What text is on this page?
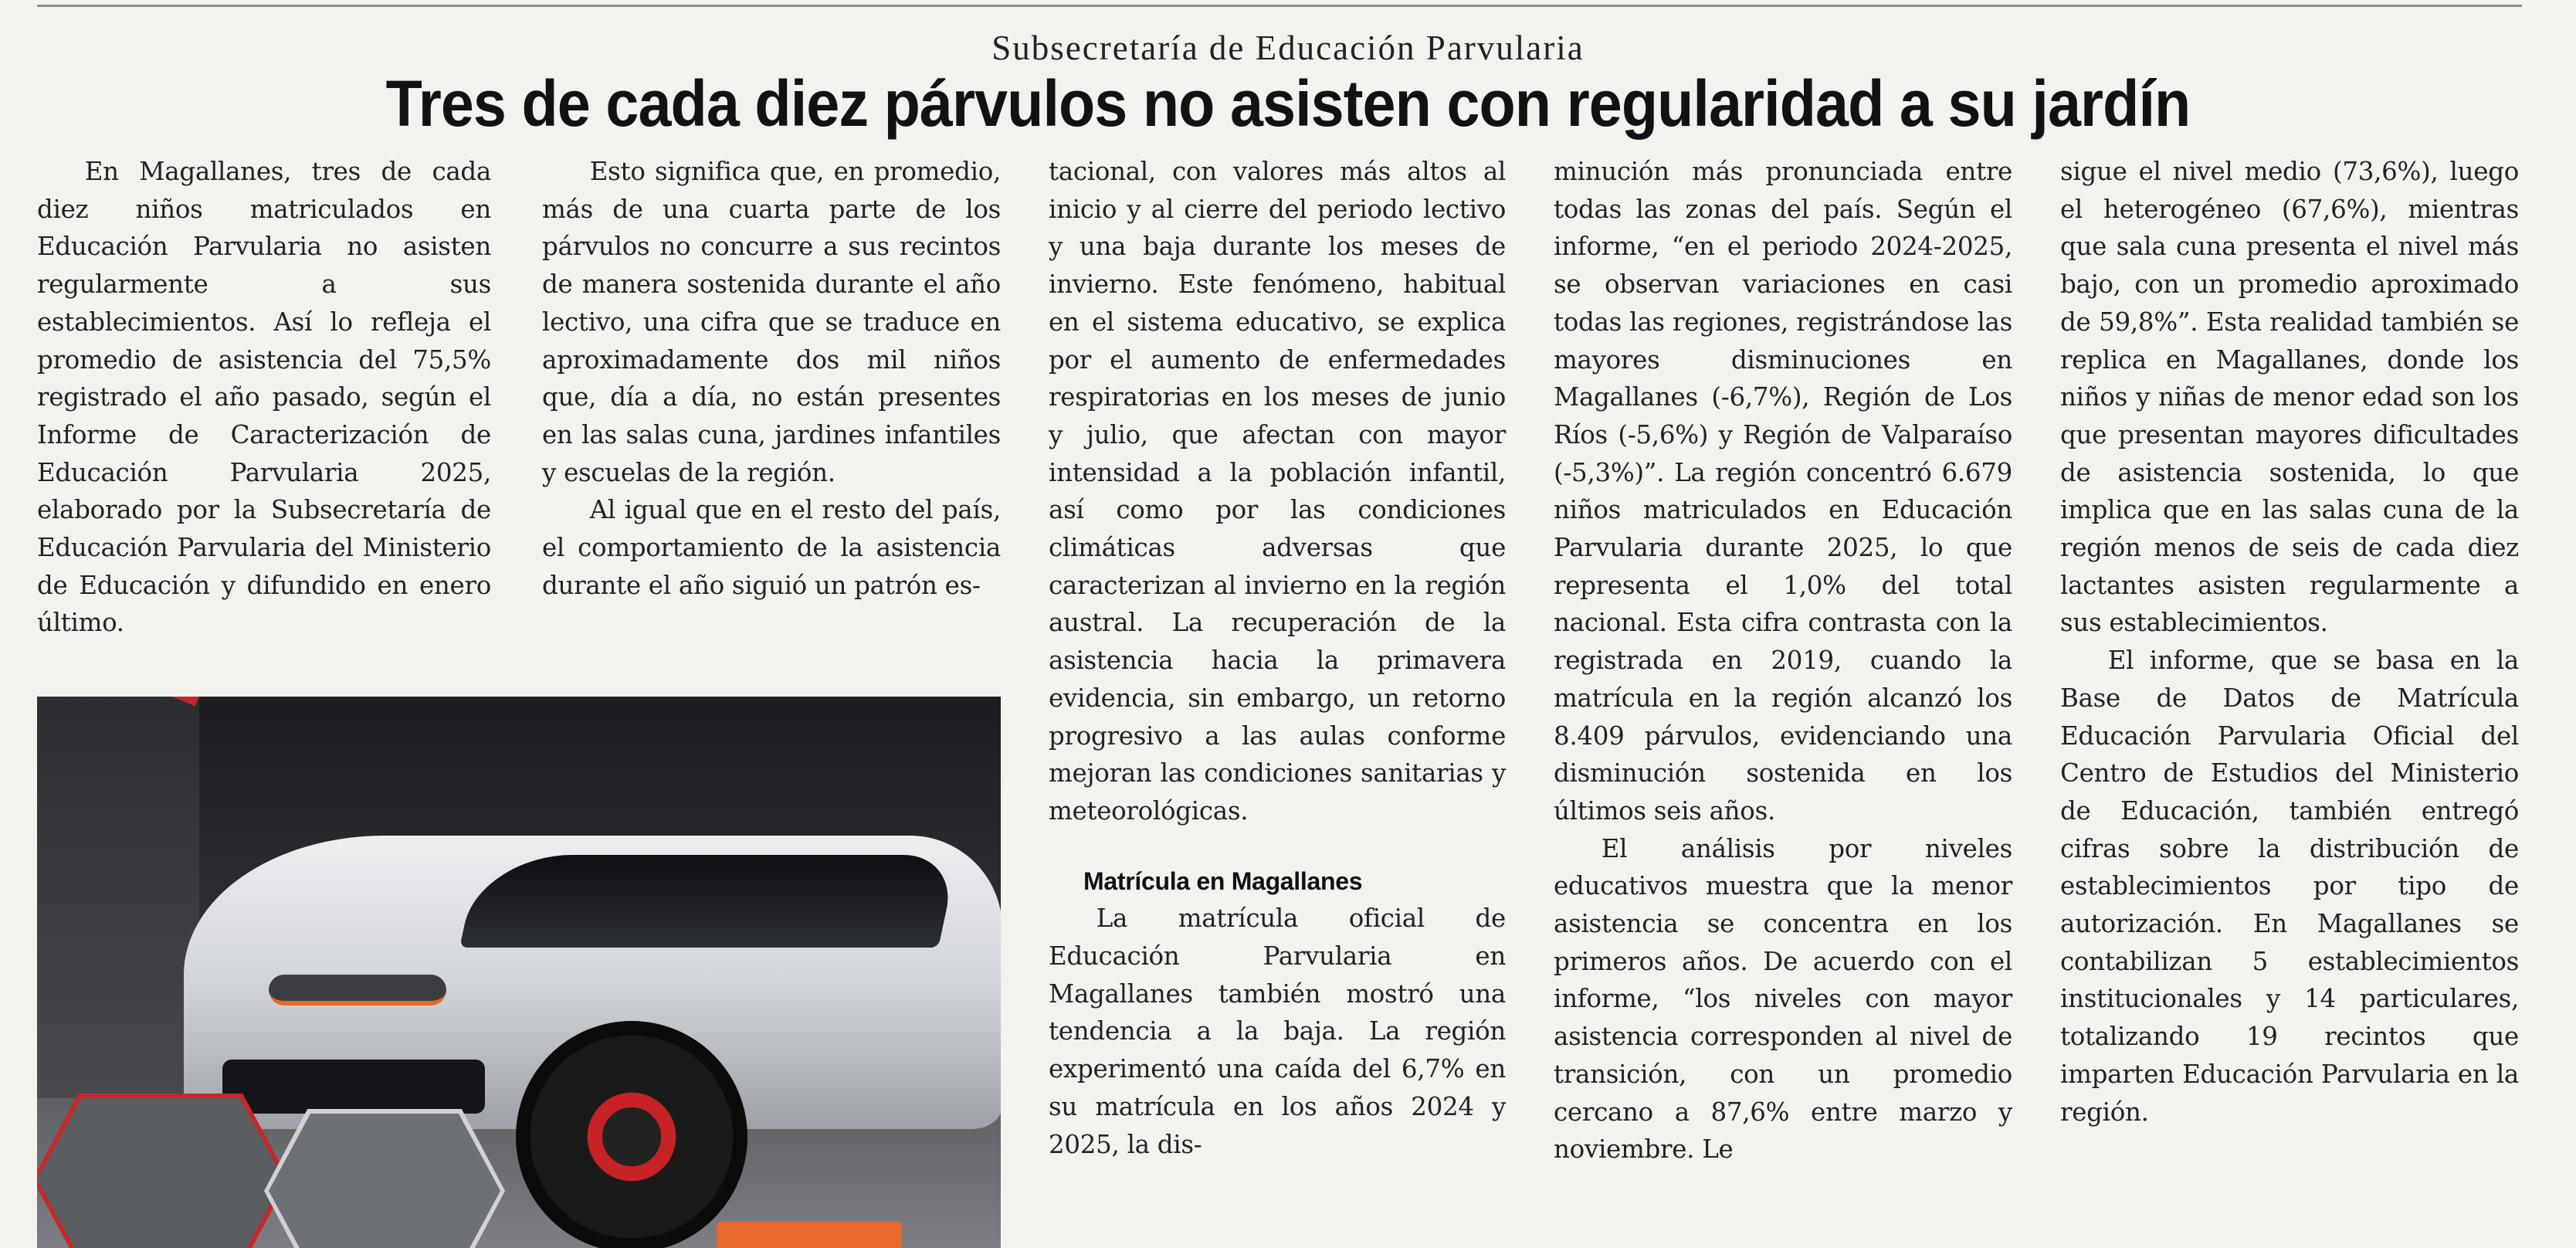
Subsecretaría de Educación Parvularia
Tres de cada diez párvulos no asisten con regularidad a su jardín

En Magallanes, tres de cada diez niños matriculados en Educación Parvularia no asisten regularmente a sus establecimientos. Así lo refleja el promedio de asistencia del 75,5% registrado el año pasado, según el Informe de Caracterización de Educación Parvularia 2025, elaborado por la Subsecretaría de Educación Parvularia del Ministerio de Educación y difundido en enero último.

Esto significa que, en promedio, más de una cuarta parte de los párvulos no concurre a sus recintos de manera sostenida durante el año lectivo, una cifra que se traduce en aproximadamente dos mil niños que, día a día, no están presentes en las salas cuna, jardines infantiles y escuelas de la región.

Al igual que en el resto del país, el comportamiento de la asistencia durante el año siguió un patrón es-

tacional, con valores más altos al inicio y al cierre del periodo lectivo y una baja durante los meses de invierno. Este fenómeno, habitual en el sistema educativo, se explica por el aumento de enfermedades respiratorias en los meses de junio y julio, que afectan con mayor intensidad a la población infantil, así como por las condiciones climáticas adversas que caracterizan al invierno en la región austral. La recuperación de la asistencia hacia la primavera evidencia, sin embargo, un retorno progresivo a las aulas conforme mejoran las condiciones sanitarias y meteorológicas.

Matrícula en Magallanes

La matrícula oficial de Educación Parvularia en Magallanes también mostró una tendencia a la baja. La región experimentó una caída del 6,7% en su matrícula en los años 2024 y 2025, la dis-

minución más pronunciada entre todas las zonas del país. Según el informe, “en el periodo 2024-2025, se observan variaciones en casi todas las regiones, registrándose las mayores disminuciones en Magallanes (-6,7%), Región de Los Ríos (-5,6%) y Región de Valparaíso (-5,3%)”. La región concentró 6.679 niños matriculados en Educación Parvularia durante 2025, lo que representa el 1,0% del total nacional. Esta cifra contrasta con la registrada en 2019, cuando la matrícula en la región alcanzó los 8.409 párvulos, evidenciando una disminución sostenida en los últimos seis años.

El análisis por niveles educativos muestra que la menor asistencia se concentra en los primeros años. De acuerdo con el informe, “los niveles con mayor asistencia corresponden al nivel de transición, con un promedio cercano a 87,6% entre marzo y noviembre. Le

sigue el nivel medio (73,6%), luego el heterogéneo (67,6%), mientras que sala cuna presenta el nivel más bajo, con un promedio aproximado de 59,8%”. Esta realidad también se replica en Magallanes, donde los niños y niñas de menor edad son los que presentan mayores dificultades de asistencia sostenida, lo que implica que en las salas cuna de la región menos de seis de cada diez lactantes asisten regularmente a sus establecimientos.

El informe, que se basa en la Base de Datos de Matrícula Educación Parvularia Oficial del Centro de Estudios del Ministerio de Educación, también entregó cifras sobre la distribución de establecimientos por tipo de autorización. En Magallanes se contabilizan 5 establecimientos institucionales y 14 particulares, totalizando 19 recintos que imparten Educación Parvularia en la región.
